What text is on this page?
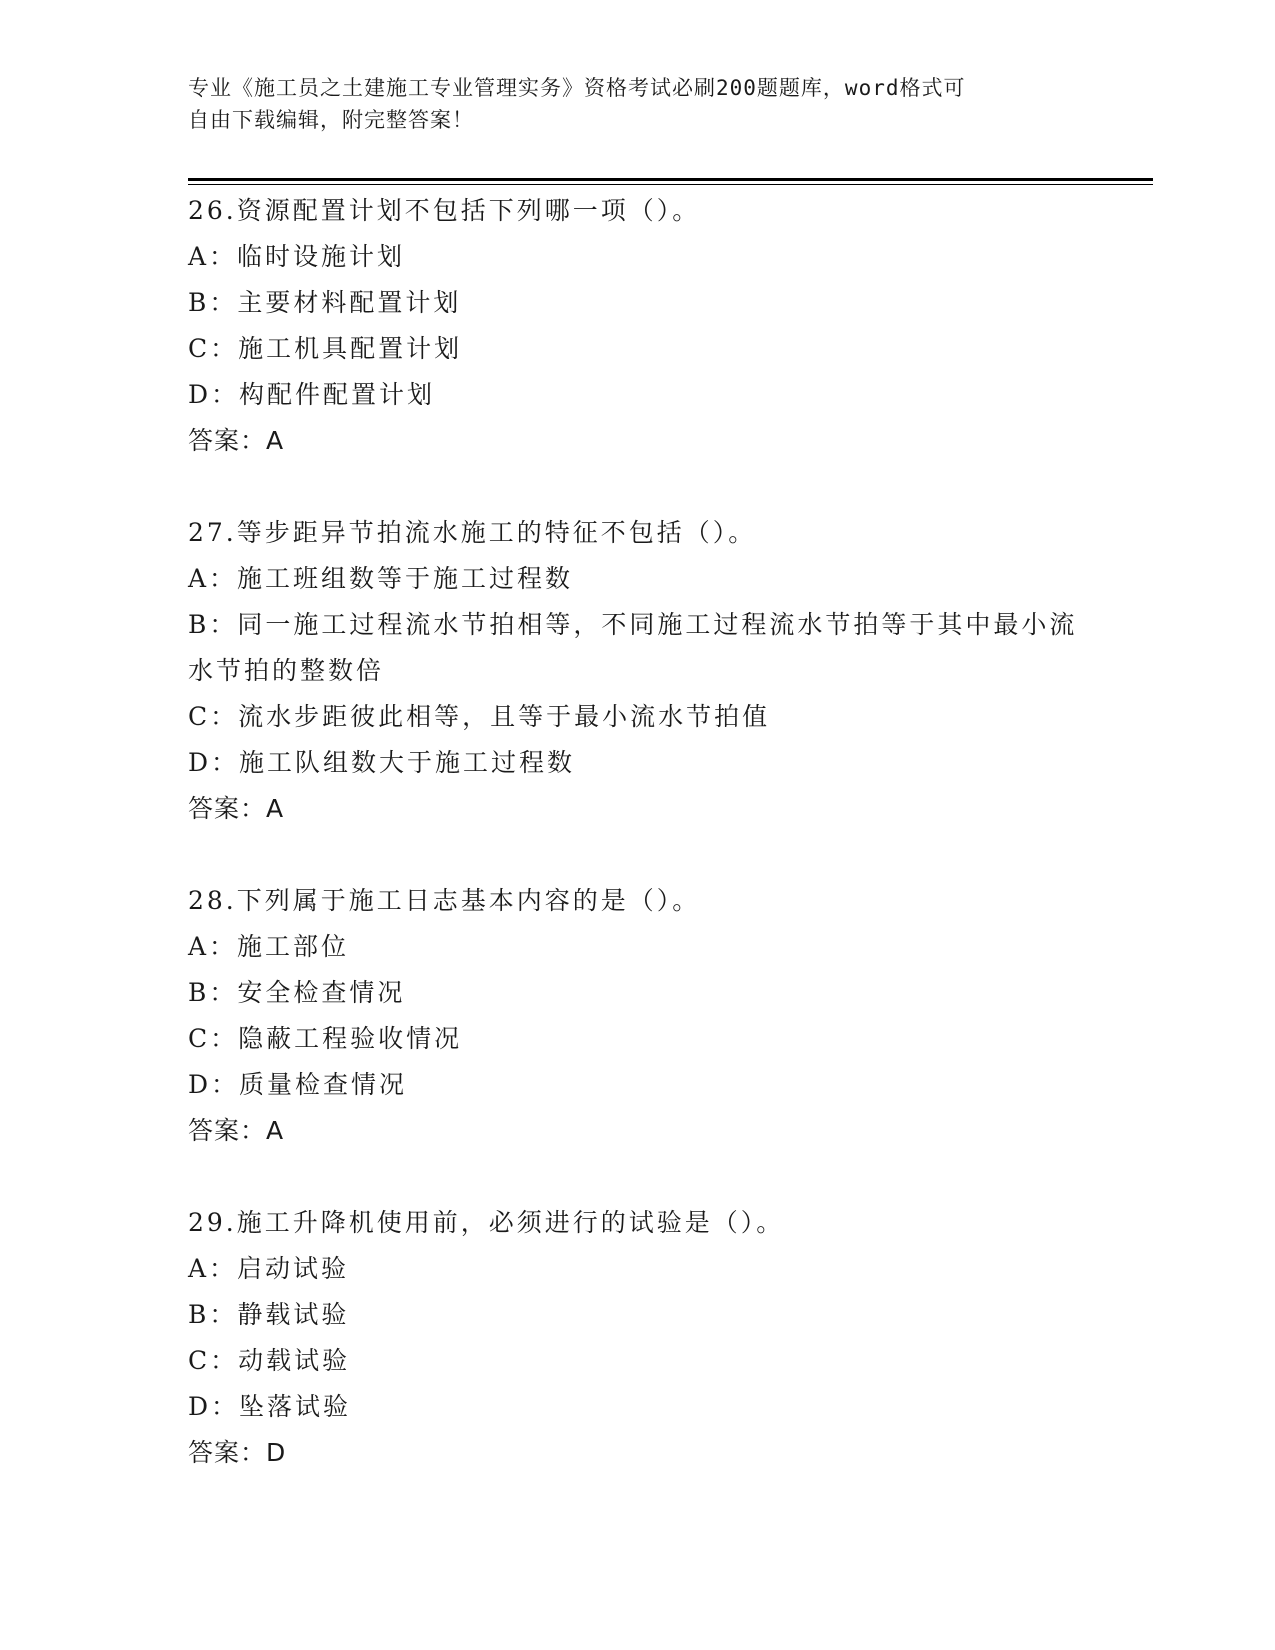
专业《施工员之土建施工专业管理实务》资格考试必刷200题题库，word格式可
自由下载编辑，附完整答案！
26.资源配置计划不包括下列哪一项（）。
A：临时设施计划
B：主要材料配置计划
C：施工机具配置计划
D：构配件配置计划
答案：A
27.等步距异节拍流水施工的特征不包括（）。
A：施工班组数等于施工过程数
B：同一施工过程流水节拍相等，不同施工过程流水节拍等于其中最小流水节拍的整数倍
C：流水步距彼此相等，且等于最小流水节拍值
D：施工队组数大于施工过程数
答案：A
28.下列属于施工日志基本内容的是（）。
A：施工部位
B：安全检查情况
C：隐蔽工程验收情况
D：质量检查情况
答案：A
29.施工升降机使用前，必须进行的试验是（）。
A：启动试验
B：静载试验
C：动载试验
D：坠落试验
答案：D
